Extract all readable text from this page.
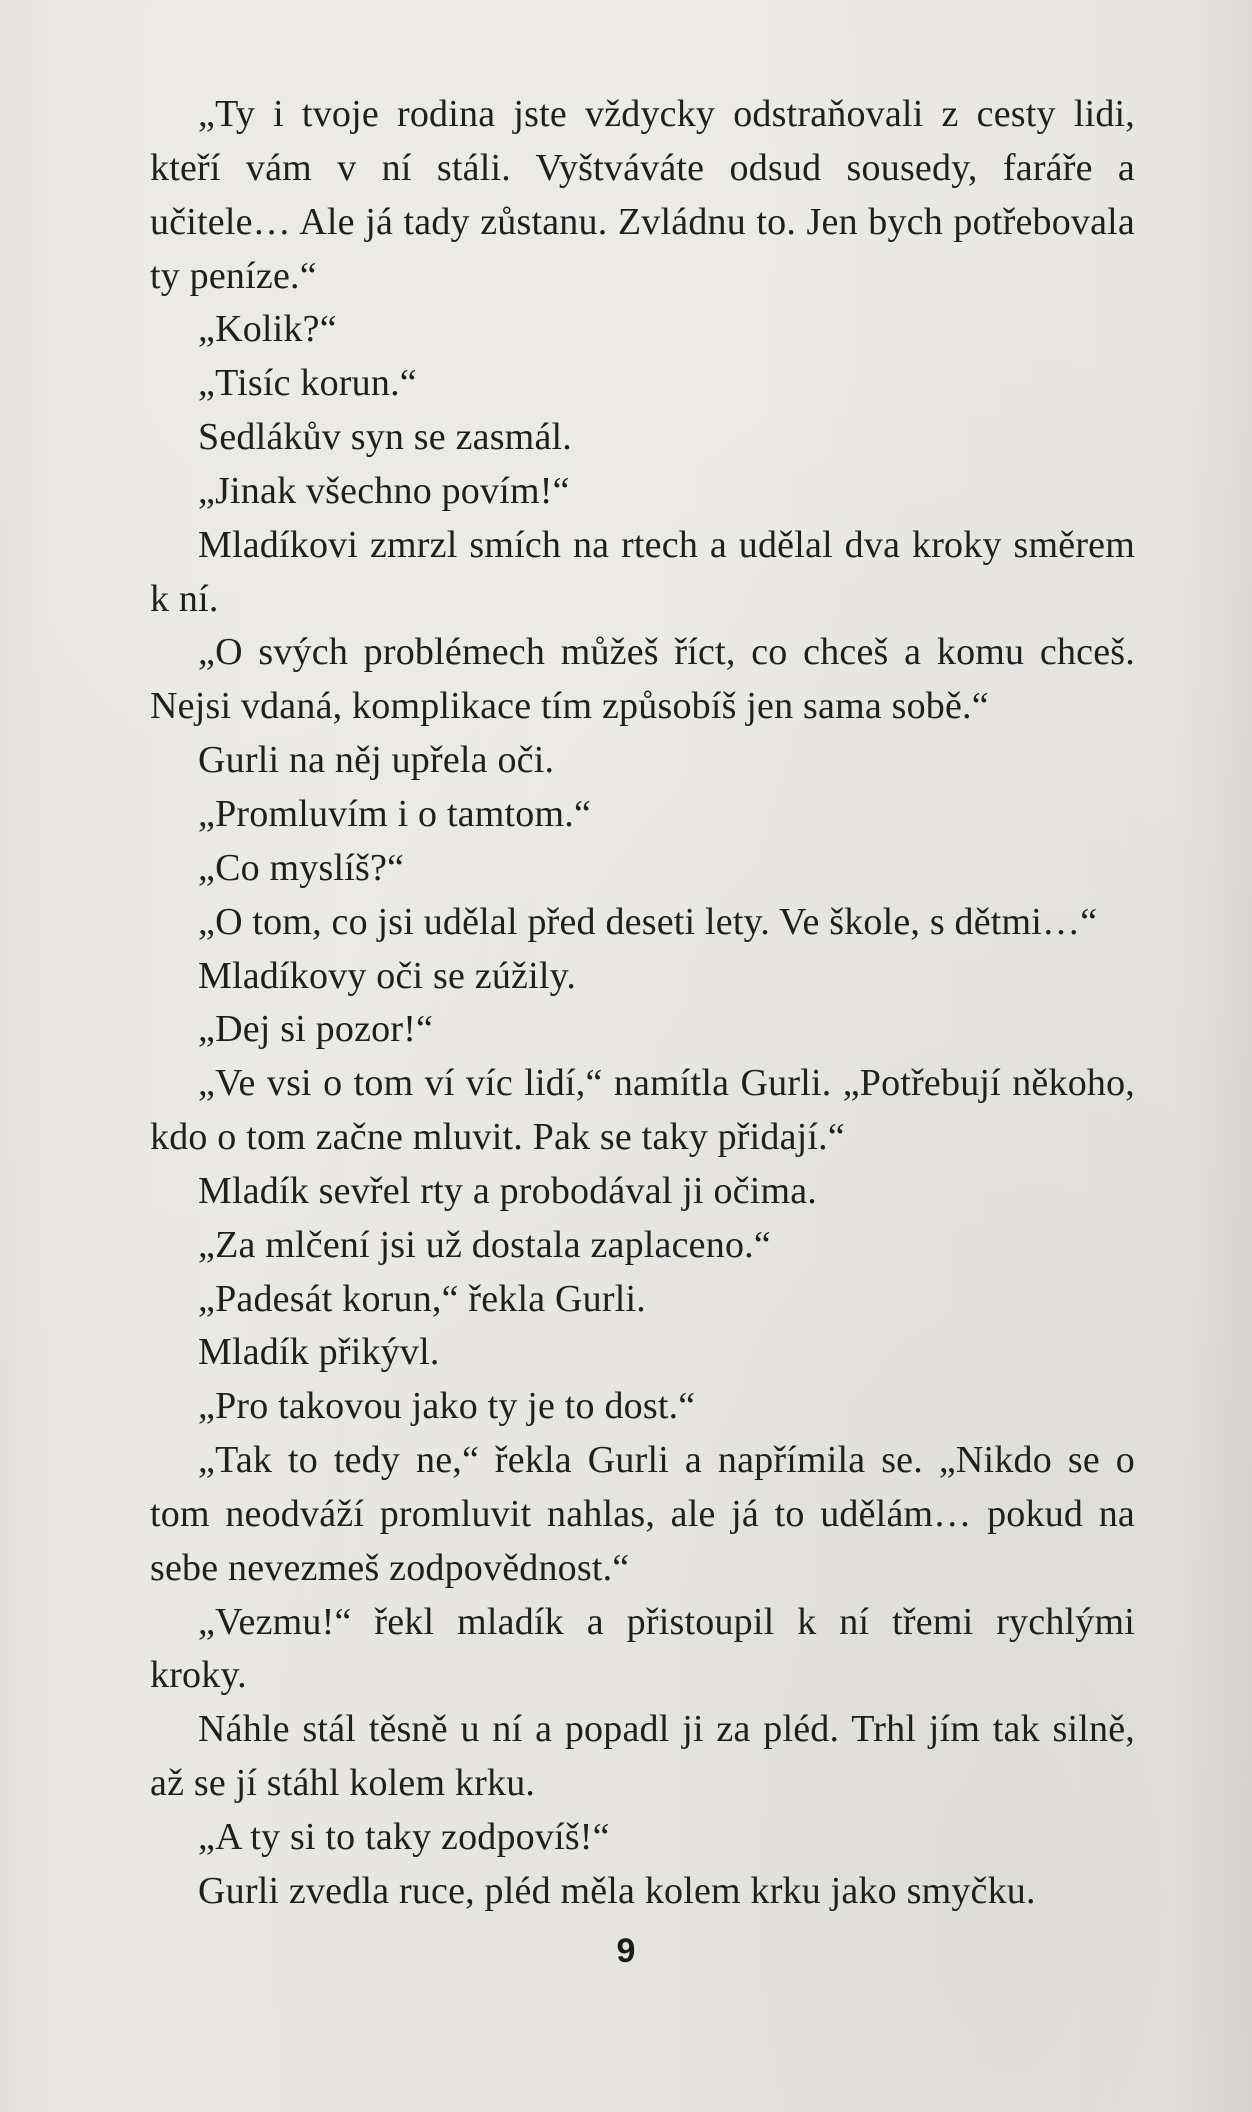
„Ty i tvoje rodina jste vždycky odstraňovali z cesty lidi, kteří vám v ní stáli. Vyštváváte odsud sousedy, faráře a učitele… Ale já tady zůstanu. Zvládnu to. Jen bych potřebovala ty peníze.“

„Kolik?“

„Tisíc korun.“

Sedlákův syn se zasmál.

„Jinak všechno povím!“

Mladíkovi zmrzl smích na rtech a udělal dva kroky směrem k ní.

„O svých problémech můžeš říct, co chceš a komu chceš. Nejsi vdaná, komplikace tím způsobíš jen sama sobě.“

Gurli na něj upřela oči.

„Promluvím i o tamtom.“

„Co myslíš?“

„O tom, co jsi udělal před deseti lety. Ve škole, s dětmi…“

Mladíkovy oči se zúžily.

„Dej si pozor!“

„Ve vsi o tom ví víc lidí,“ namítla Gurli. „Potřebují někoho, kdo o tom začne mluvit. Pak se taky přidají.“

Mladík sevřel rty a probodával ji očima.

„Za mlčení jsi už dostala zaplaceno.“

„Padesát korun,“ řekla Gurli.

Mladík přikývl.

„Pro takovou jako ty je to dost.“

„Tak to tedy ne,“ řekla Gurli a napřímila se. „Nikdo se o tom neodváží promluvit nahlas, ale já to udělám… pokud na sebe nevezmeš zodpovědnost.“

„Vezmu!“ řekl mladík a přistoupil k ní třemi rychlými kroky.

Náhle stál těsně u ní a popadl ji za pléd. Trhl jím tak silně, až se jí stáhl kolem krku.

„A ty si to taky zodpovíš!“

Gurli zvedla ruce, pléd měla kolem krku jako smyčku.

9
